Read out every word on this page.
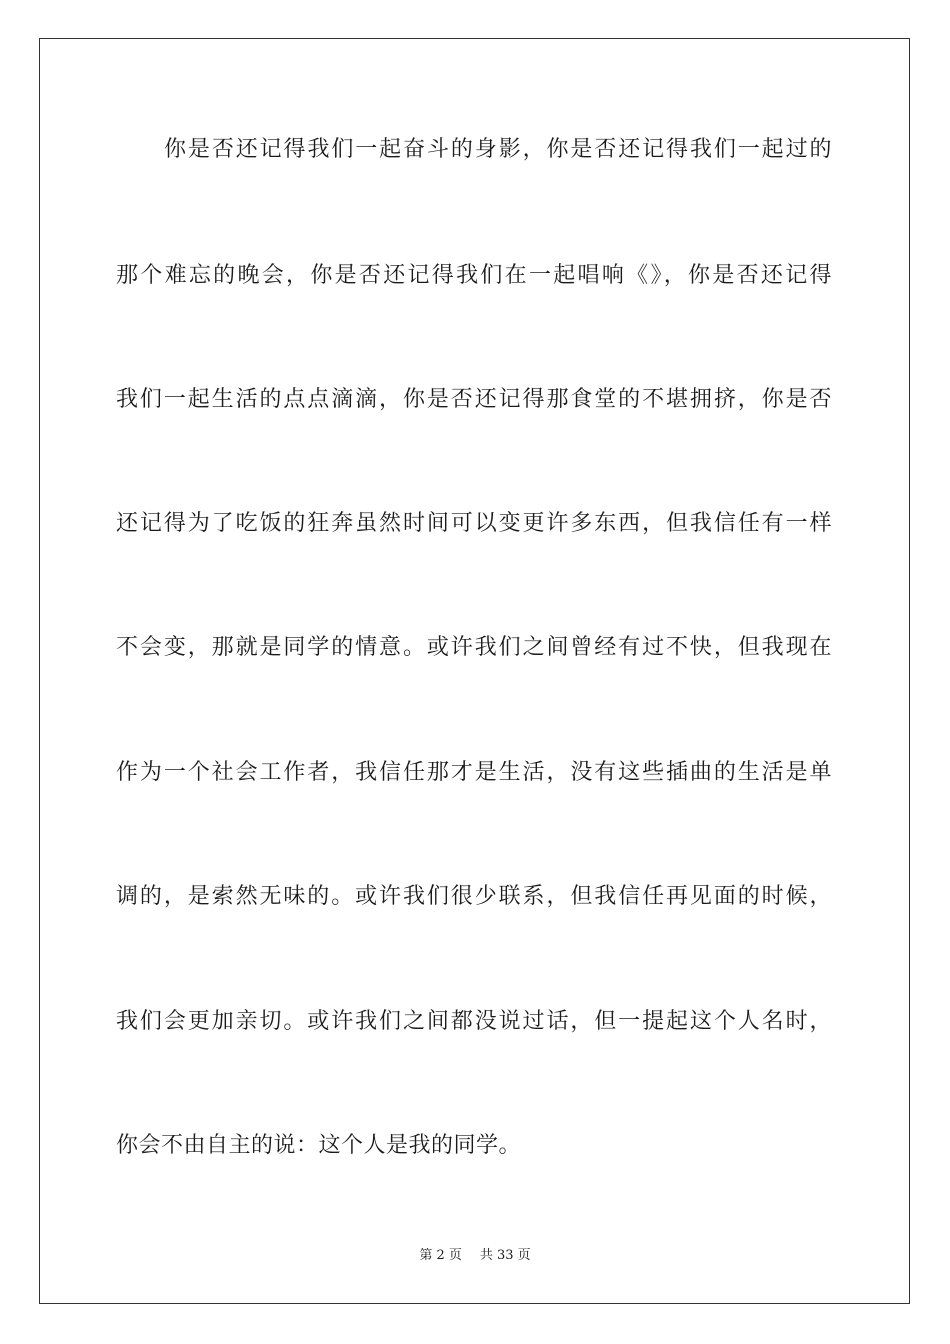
你是否还记得我们一起奋斗的身影，你是否还记得我们一起过的
那个难忘的晚会，你是否还记得我们在一起唱响《》，你是否还记得
我们一起生活的点点滴滴，你是否还记得那食堂的不堪拥挤，你是否
还记得为了吃饭的狂奔虽然时间可以变更许多东西，但我信任有一样
不会变，那就是同学的情意。或许我们之间曾经有过不快，但我现在
作为一个社会工作者，我信任那才是生活，没有这些插曲的生活是单
调的，是索然无味的。或许我们很少联系，但我信任再见面的时候，
我们会更加亲切。或许我们之间都没说过话，但一提起这个人名时，
你会不由自主的说：这个人是我的同学。
第 2 页 共 33 页
